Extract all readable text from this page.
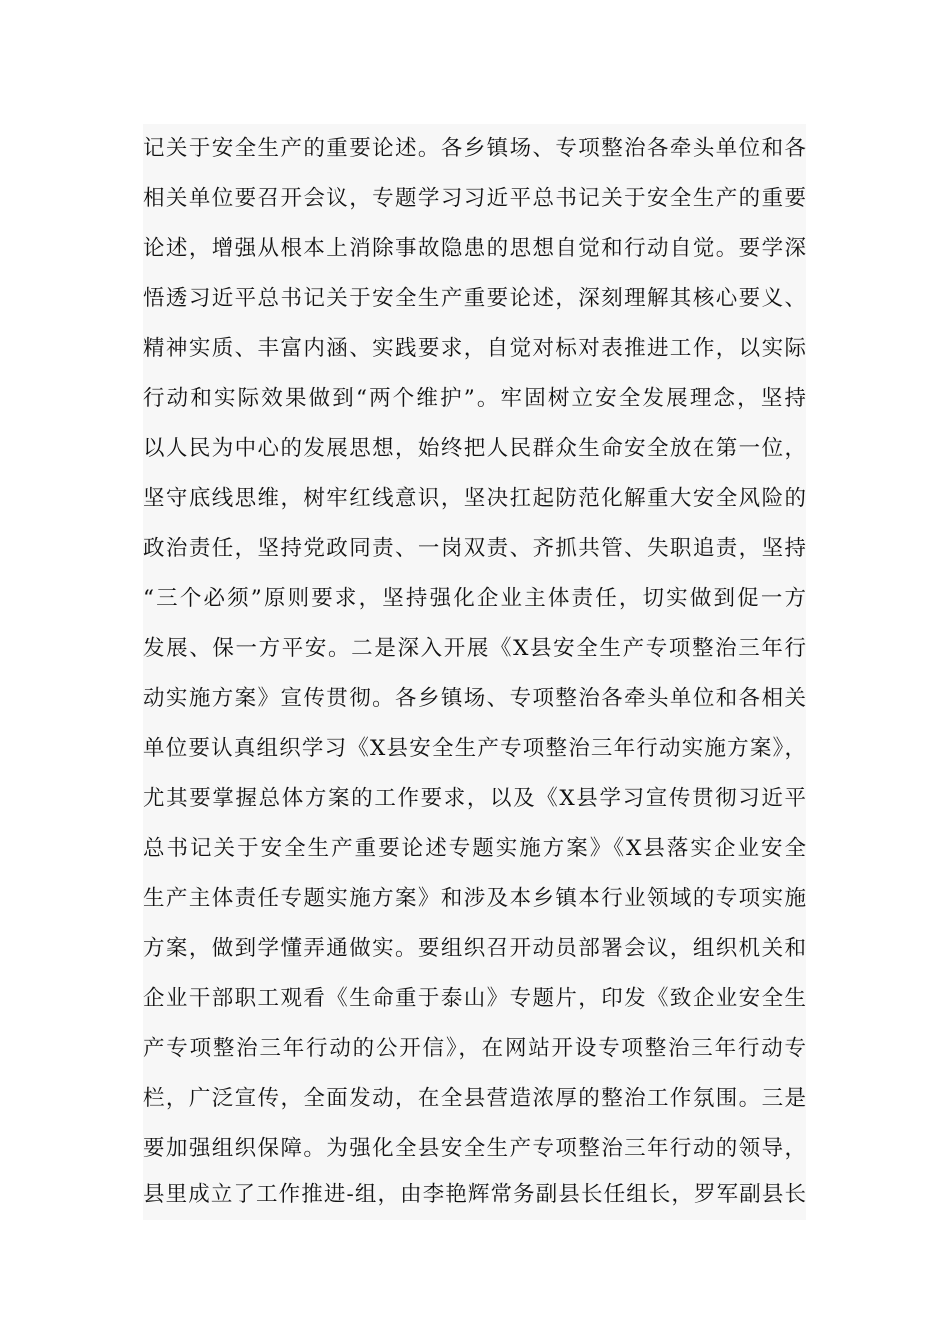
记关于安全生产的重要论述。各乡镇场、专项整治各牵头单位和各
相关单位要召开会议，专题学习习近平总书记关于安全生产的重要
论述，增强从根本上消除事故隐患的思想自觉和行动自觉。要学深
悟透习近平总书记关于安全生产重要论述，深刻理解其核心要义、
精神实质、丰富内涵、实践要求，自觉对标对表推进工作，以实际
行动和实际效果做到“两个维护”。牢固树立安全发展理念，坚持
以人民为中心的发展思想，始终把人民群众生命安全放在第一位，
坚守底线思维，树牢红线意识，坚决扛起防范化解重大安全风险的
政治责任，坚持党政同责、一岗双责、齐抓共管、失职追责，坚持
“三个必须”原则要求，坚持强化企业主体责任，切实做到促一方
发展、保一方平安。二是深入开展《X县安全生产专项整治三年行
动实施方案》宣传贯彻。各乡镇场、专项整治各牵头单位和各相关
单位要认真组织学习《X县安全生产专项整治三年行动实施方案》，
尤其要掌握总体方案的工作要求，以及《X县学习宣传贯彻习近平
总书记关于安全生产重要论述专题实施方案》《X县落实企业安全
生产主体责任专题实施方案》和涉及本乡镇本行业领域的专项实施
方案，做到学懂弄通做实。要组织召开动员部署会议，组织机关和
企业干部职工观看《生命重于泰山》专题片，印发《致企业安全生
产专项整治三年行动的公开信》，在网站开设专项整治三年行动专
栏，广泛宣传，全面发动，在全县营造浓厚的整治工作氛围。三是
要加强组织保障。为强化全县安全生产专项整治三年行动的领导，
县里成立了工作推进-组，由李艳辉常务副县长任组长，罗军副县长
